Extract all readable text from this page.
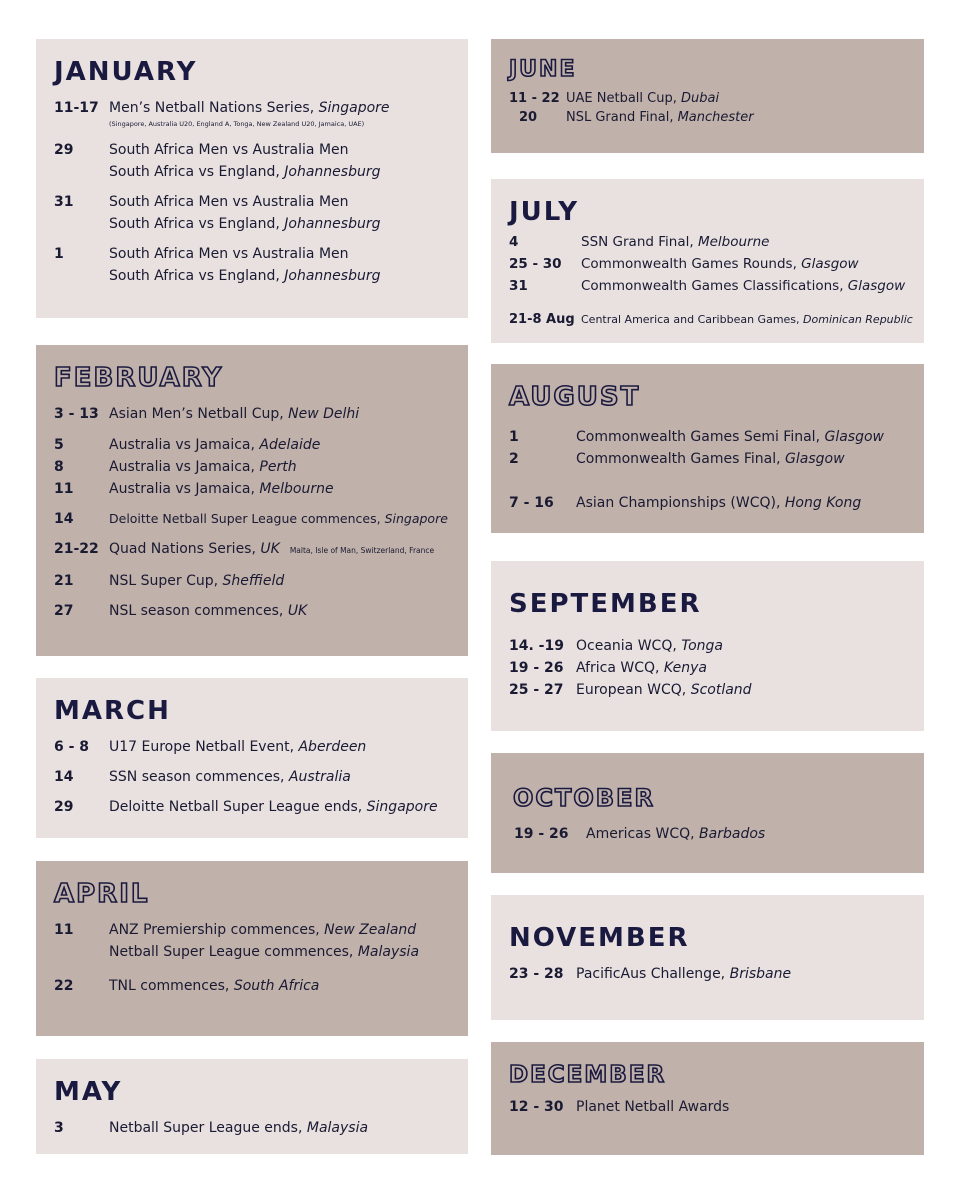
JANUARY
11-17 Men’s Netball Nations Series, Singapore
(Singapore, Australia U20, England A, Tonga, New Zealand U20, Jamaica, UAE)
29	South Africa Men vs Australia Men
South Africa vs England, Johannesburg
31	South Africa Men vs Australia Men
South Africa vs England, Johannesburg
1	South Africa Men vs Australia Men
South Africa vs England, Johannesburg
FEBRUARY
3 - 13 Asian Men’s Netball Cup, New Delhi
5	Australia vs Jamaica, Adelaide
8	Australia vs Jamaica, Perth
11	Australia vs Jamaica, Melbourne
14	Deloitte Netball Super League commences, Singapore
21-22 Quad Nations Series, UK Malta, Isle of Man, Switzerland, France
21	NSL Super Cup, Sheffield
27	NSL season commences, UK
MARCH
6 - 8 U17 Europe Netball Event, Aberdeen
14	SSN season commences, Australia
29	Deloitte Netball Super League ends, Singapore
APRIL
11	ANZ Premiership commences, New Zealand
Netball Super League commences, Malaysia
22	TNL commences, South Africa
MAY
3	Netball Super League ends, Malaysia
JUNE
11 - 22 UAE Netball Cup, Dubai
20 NSL Grand Final, Manchester
JULY
4	SSN Grand Final, Melbourne
25 - 30 Commonwealth Games Rounds, Glasgow
31	Commonwealth Games Classifications, Glasgow
21-8 Aug Central America and Caribbean Games, Dominican Republic
AUGUST
1	Commonwealth Games Semi Final, Glasgow
2	Commonwealth Games Final, Glasgow
7 - 16 Asian Championships (WCQ), Hong Kong
SEPTEMBER
14. -19 Oceania WCQ, Tonga
19 - 26 Africa WCQ, Kenya
25 - 27 European WCQ, Scotland
OCTOBER
19 - 26 Americas WCQ, Barbados
NOVEMBER
23 - 28 PacificAus Challenge, Brisbane
DECEMBER
12 - 30 Planet Netball Awards
